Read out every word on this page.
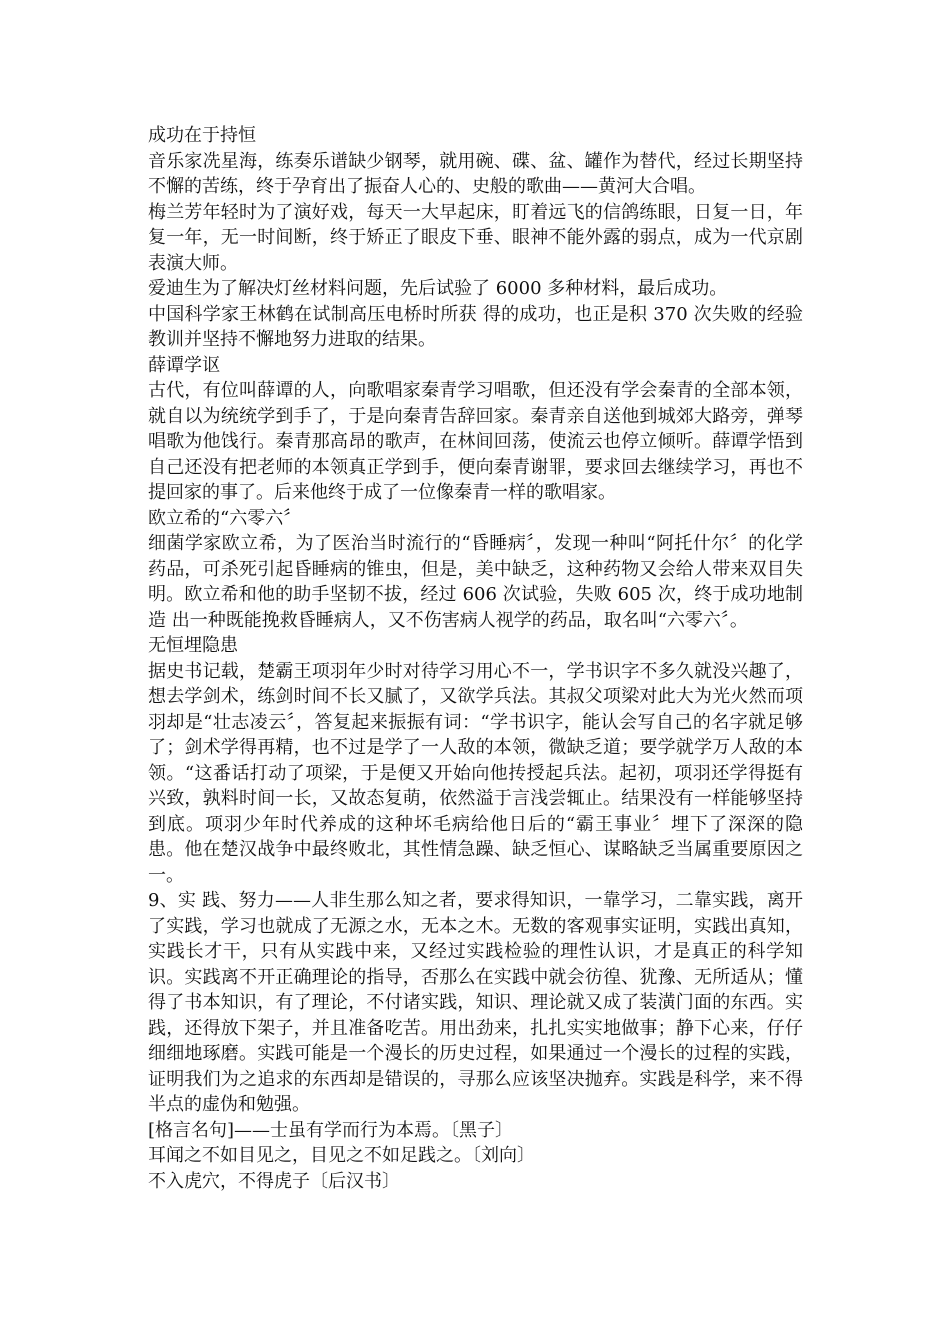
成功在于持恒

音乐家冼星海，练奏乐谱缺少钢琴，就用碗、碟、盆、罐作为替代，经过长期坚持不懈的苦练，终于孕育出了振奋人心的、史般的歌曲——黄河大合唱。

梅兰芳年轻时为了演好戏，每天一大早起床，盯着远飞的信鸽练眼，日复一日，年复一年，无一时间断，终于矫正了眼皮下垂、眼神不能外露的弱点，成为一代京剧表演大师。

爱迪生为了解决灯丝材料问题，先后试验了 6000 多种材料，最后成功。

中国科学家王林鹤在试制高压电桥时所获 得的成功，也正是积 370 次失败的经验教训并坚持不懈地努力进取的结果。

薛谭学讴

古代，有位叫薛谭的人，向歌唱家秦青学习唱歌，但还没有学会秦青的全部本领，就自以为统统学到手了，于是向秦青告辞回家。秦青亲自送他到城郊大路旁，弹琴唱歌为他饯行。秦青那高昂的歌声，在林间回荡，使流云也停立倾听。薛谭学悟到自己还没有把老师的本领真正学到手，便向秦青谢罪，要求回去继续学习，再也不提回家的事了。后来他终于成了一位像秦青一样的歌唱家。

欧立希的“六零六〞

细菌学家欧立希，为了医治当时流行的“昏睡病〞，发现一种叫“阿托什尔〞的化学药品，可杀死引起昏睡病的锥虫，但是，美中缺乏，这种药物又会给人带来双目失明。欧立希和他的助手坚韧不拔，经过 606 次试验，失败 605 次，终于成功地制造 出一种既能挽救昏睡病人，又不伤害病人视学的药品，取名叫“六零六〞。

无恒埋隐患

据史书记载，楚霸王项羽年少时对待学习用心不一，学书识字不多久就没兴趣了，想去学剑术，练剑时间不长又腻了，又欲学兵法。其叔父项梁对此大为光火然而项羽却是“壮志凌云〞，答复起来振振有词：“学书识字，能认会写自己的名字就足够了；剑术学得再精，也不过是学了一人敌的本领，微缺乏道；要学就学万人敌的本领。“这番话打动了项梁，于是便又开始向他抟授起兵法。起初，项羽还学得挺有兴致，孰料时间一长，又故态复萌，依然溢于言浅尝辄止。结果没有一样能够坚持到底。项羽少年时代养成的这种坏毛病给他日后的“霸王事业〞埋下了深深的隐患。他在楚汉战争中最终败北，其性情急躁、缺乏恒心、谋略缺乏当属重要原因之一。

9、实 践、努力——人非生那么知之者，要求得知识，一靠学习，二靠实践，离开了实践，学习也就成了无源之水，无本之木。无数的客观事实证明，实践出真知，实践长才干，只有从实践中来，又经过实践检验的理性认识，才是真正的科学知识。实践离不开正确理论的指导，否那么在实践中就会彷徨、犹豫、无所适从；懂得了书本知识，有了理论，不付诸实践，知识、理论就又成了装潢门面的东西。实践，还得放下架子，并且准备吃苦。用出劲来，扎扎实实地做事；静下心来，仔仔细细地琢磨。实践可能是一个漫长的历史过程，如果通过一个漫长的过程的实践，证明我们为之追求的东西却是错误的，寻那么应该坚决抛弃。实践是科学，来不得半点的虚伪和勉强。

[格言名句]——士虽有学而行为本焉。〔黑子〕

耳闻之不如目见之，目见之不如足践之。〔刘向〕

不入虎穴，不得虎子〔后汉书〕
